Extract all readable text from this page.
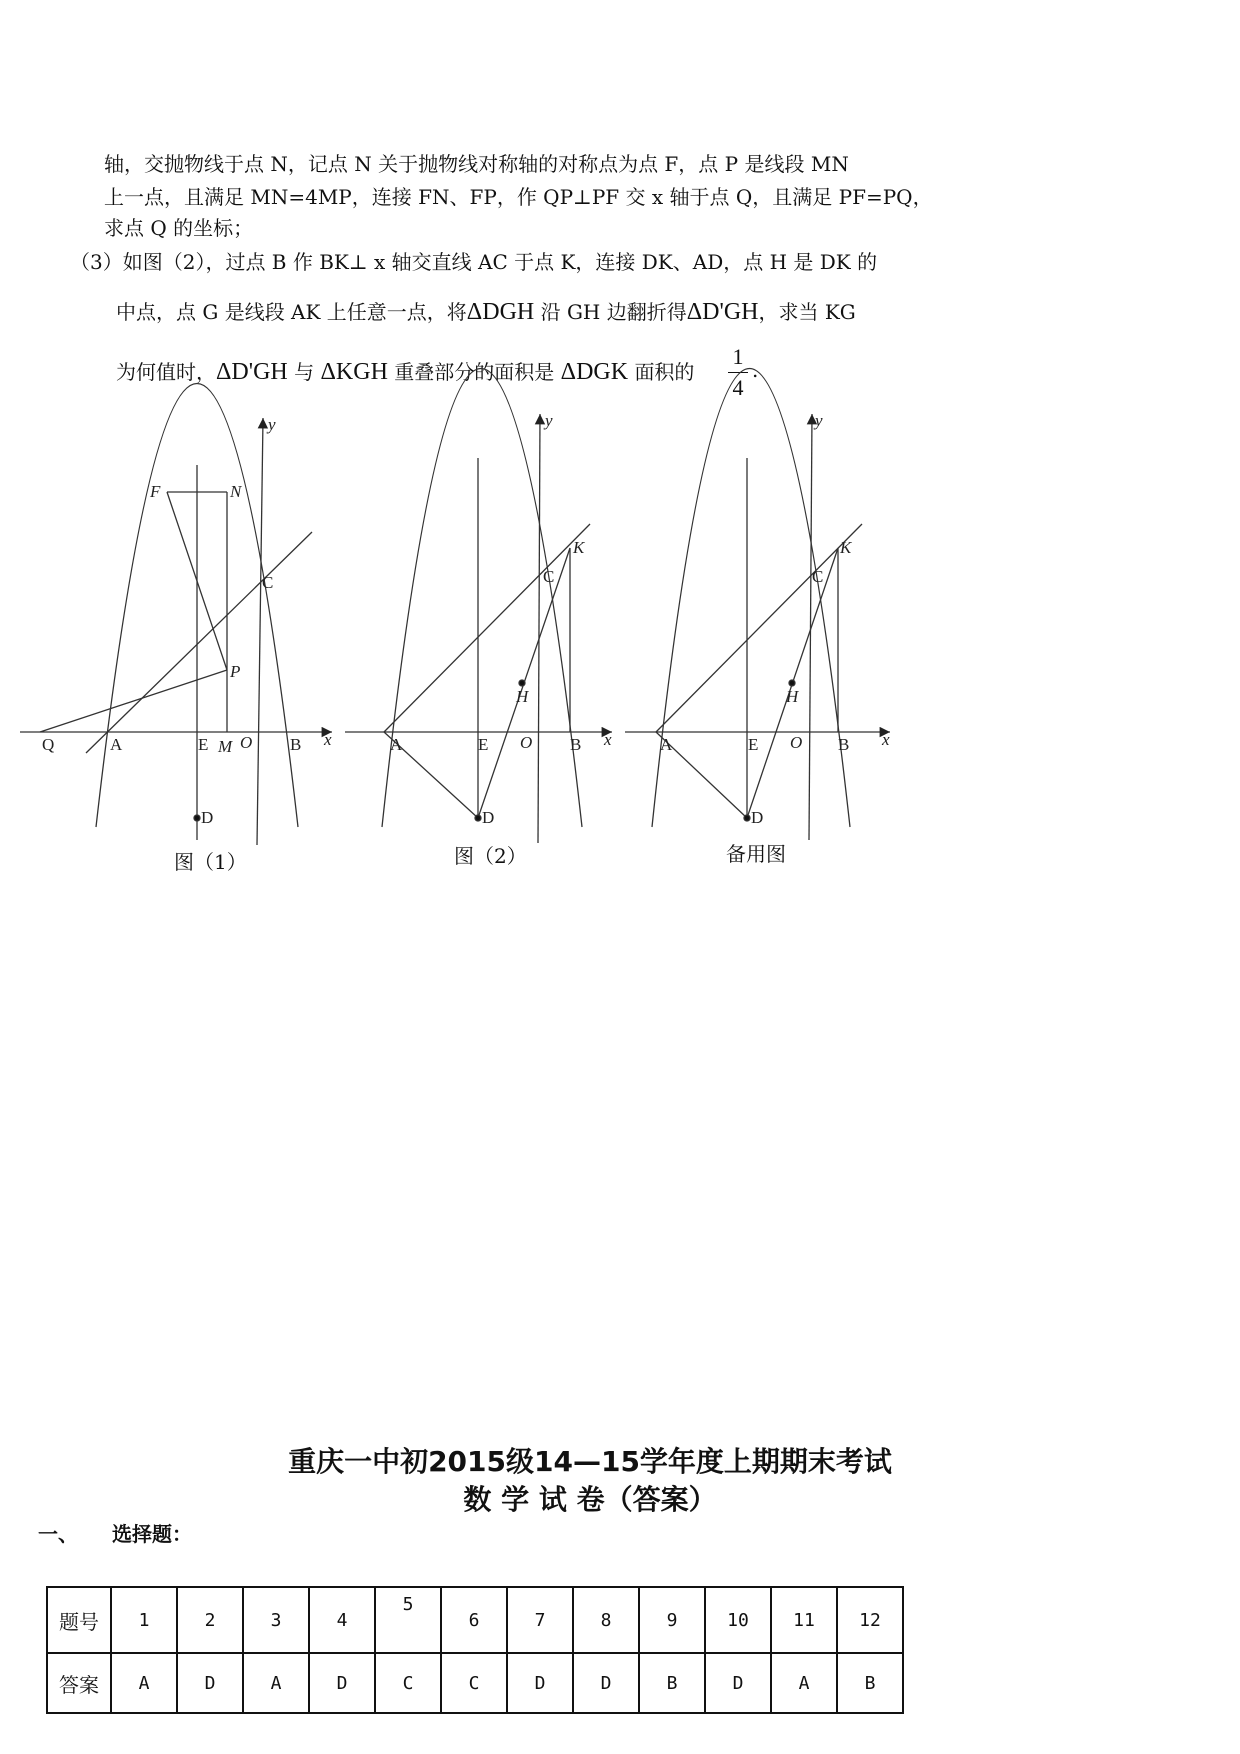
轴，交抛物线于点 N，记点 N 关于抛物线对称轴的对称点为点 F，点 P 是线段 MN
上一点，且满足 MN=4MP，连接 FN、FP，作 QP⊥PF 交 x 轴于点 Q，且满足 PF=PQ，
求点 Q 的坐标；
（3）如图（2），过点 B 作 BK⊥ x 轴交直线 AC 于点 K，连接 DK、AD，点 H 是 DK 的
中点，点 G 是线段 AK 上任意一点，将ΔDGH 沿 GH 边翻折得ΔD'GH，求当 KG
为何值时，ΔD'GH 与 ΔKGH 重叠部分的面积是 ΔDGK 面积的
1
4
.
y
x
F	N
C
P
Q	A	E M O B
D
y
x
K
C
H
A	E O B
D
y
x
K
C
H
A	E O B
D
图（1）	图（2）	备用图
重庆一中初2015级14—15学年度上期期末考试
数 学 试 卷（答案）
一、 选择题：
题号	1	2	3	4	5	6	7	8	9	10	11	12
答案	A	D	A	D	C	C	D	D	B	D	A	B
